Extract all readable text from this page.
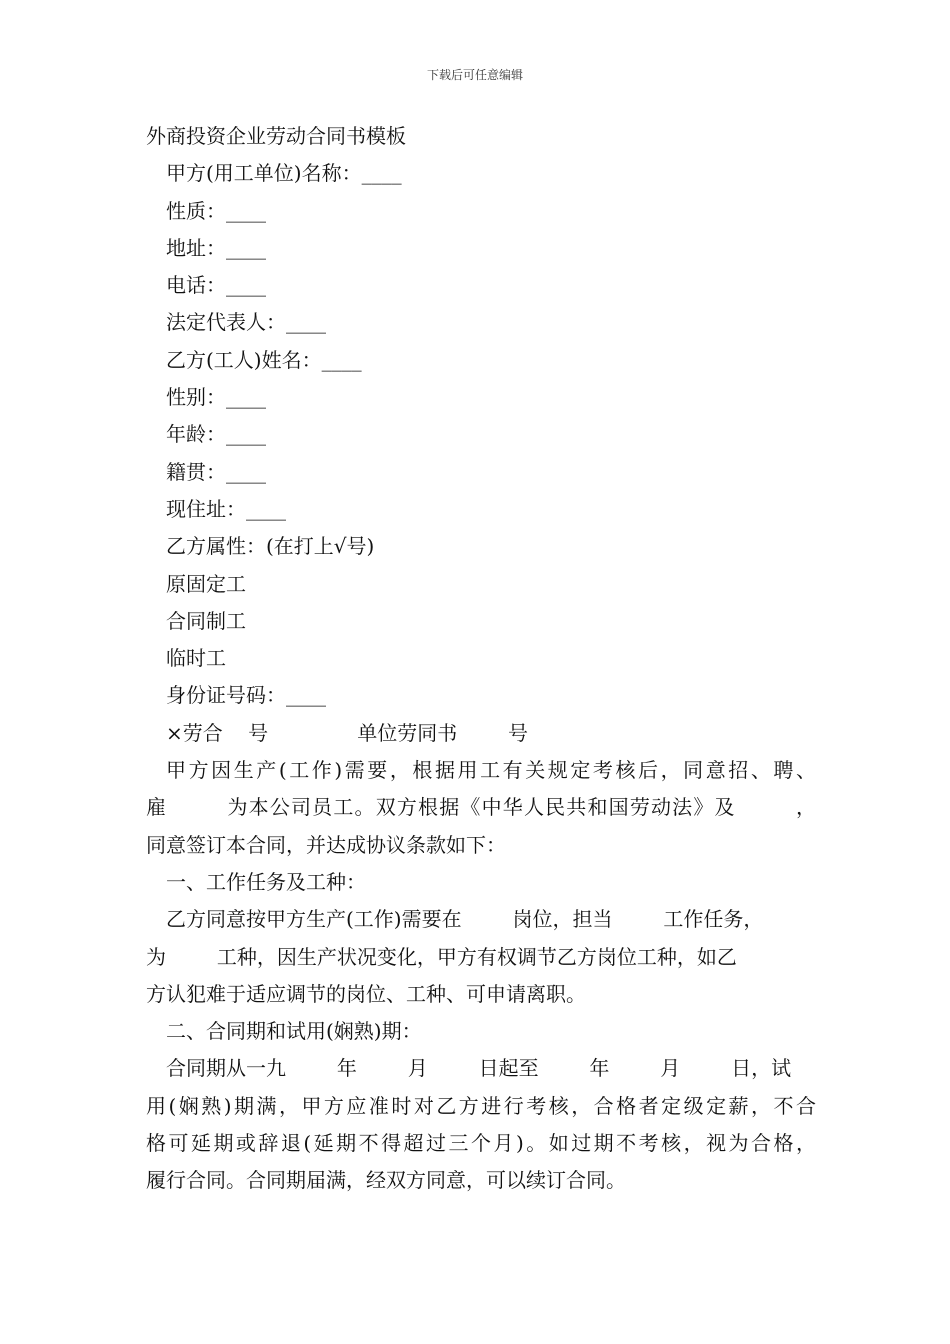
下载后可任意编辑
外商投资企业劳动合同书模板
甲方(用工单位)名称：____
性质：____
地址：____
电话：____
法定代表人：____
乙方(工人)姓名：____
性别：____
年龄：____
籍贯：____
现住址：____
乙方属性：(在打上√号)
原固定工
合同制工
临时工
身份证号码：____
×劳合    号              单位劳同书        号
甲方因生产(工作)需要，根据用工有关规定考核后，同意招、聘、
雇        为本公司员工。双方根据《中华人民共和国劳动法》及        ，
同意签订本合同，并达成协议条款如下：
一、工作任务及工种：
乙方同意按甲方生产(工作)需要在        岗位，担当        工作任务，
为        工种，因生产状况变化，甲方有权调节乙方岗位工种，如乙
方认犯难于适应调节的岗位、工种、可申请离职。
二、合同期和试用(娴熟)期：
合同期从一九        年        月        日起至        年        月        日，试
用(娴熟)期满，甲方应准时对乙方进行考核，合格者定级定薪，不合
格可延期或辞退(延期不得超过三个月)。如过期不考核，视为合格，
履行合同。合同期届满，经双方同意，可以续订合同。
